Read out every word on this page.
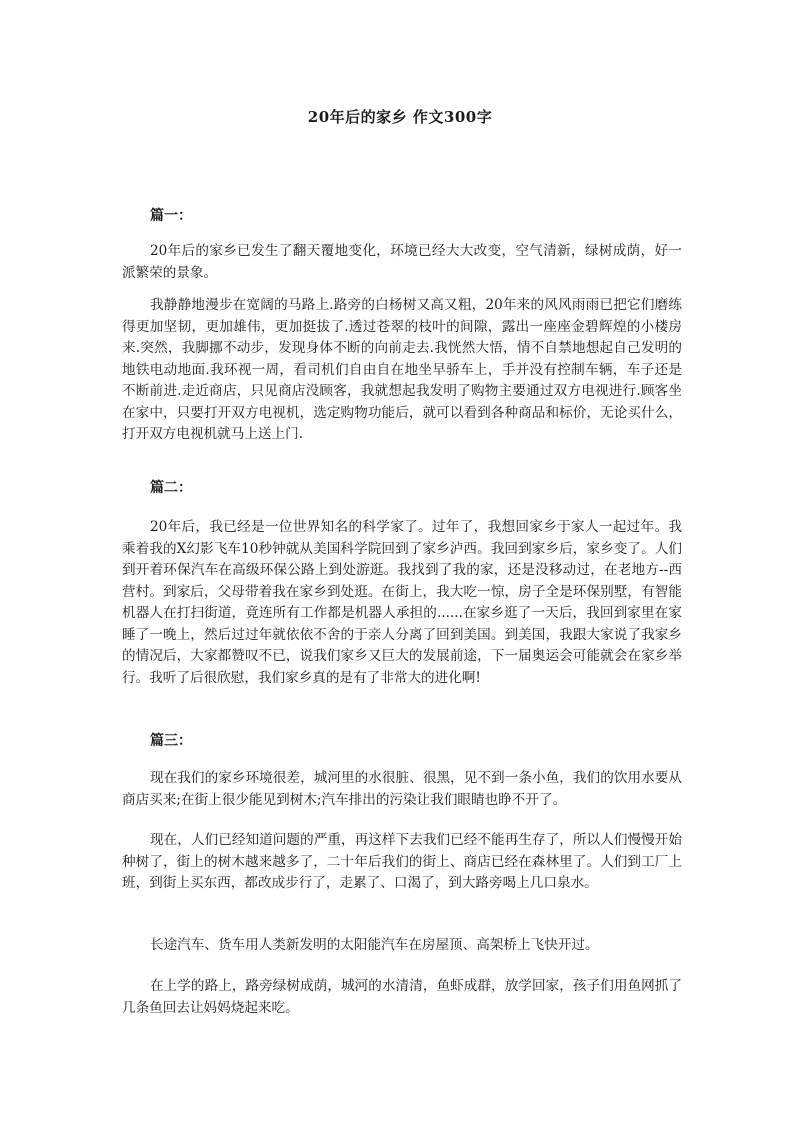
20年后的家乡 作文300字
篇一：

20年后的家乡已发生了翻天覆地变化，环境已经大大改变，空气清新，绿树成荫，好一派繁荣的景象。

我静静地漫步在宽阔的马路上.路旁的白杨树又高又粗，20年来的风风雨雨已把它们磨练得更加坚韧，更加雄伟，更加挺拔了.透过苍翠的枝叶的间隙，露出一座座金碧辉煌的小楼房来.突然，我脚挪不动步，发现身体不断的向前走去.我恍然大悟，情不自禁地想起自己发明的地铁电动地面.我环视一周，看司机们自由自在地坐早骄车上，手并没有控制车辆，车子还是不断前进.走近商店，只见商店没顾客，我就想起我发明了购物主要通过双方电视进行.顾客坐在家中，只要打开双方电视机，选定购物功能后，就可以看到各种商品和标价，无论买什么，打开双方电视机就马上送上门.

篇二：

20年后，我已经是一位世界知名的科学家了。过年了，我想回家乡于家人一起过年。我乘着我的X幻影飞车10秒钟就从美国科学院回到了家乡泸西。我回到家乡后，家乡变了。人们到开着环保汽车在高级环保公路上到处游逛。我找到了我的家，还是没移动过，在老地方--西营村。到家后，父母带着我在家乡到处逛。在街上，我大吃一惊，房子全是环保别墅，有智能机器人在打扫街道，竟连所有工作都是机器人承担的......在家乡逛了一天后，我回到家里在家睡了一晚上，然后过过年就依依不舍的于亲人分离了回到美国。到美国，我跟大家说了我家乡的情况后，大家都赞叹不已，说我们家乡又巨大的发展前途，下一届奥运会可能就会在家乡举行。我听了后很欣慰，我们家乡真的是有了非常大的进化啊!

篇三：

现在我们的家乡环境很差，城河里的水很脏、很黑，见不到一条小鱼，我们的饮用水要从商店买来;在街上很少能见到树木;汽车排出的污染让我们眼睛也睁不开了。

现在，人们已经知道问题的严重，再这样下去我们已经不能再生存了，所以人们慢慢开始种树了，街上的树木越来越多了，二十年后我们的街上、商店已经在森林里了。人们到工厂上班，到街上买东西，都改成步行了，走累了、口渴了，到大路旁喝上几口泉水。

长途汽车、货车用人类新发明的太阳能汽车在房屋顶、高架桥上飞快开过。

在上学的路上，路旁绿树成荫，城河的水清清，鱼虾成群，放学回家，孩子们用鱼网抓了几条鱼回去让妈妈烧起来吃。
